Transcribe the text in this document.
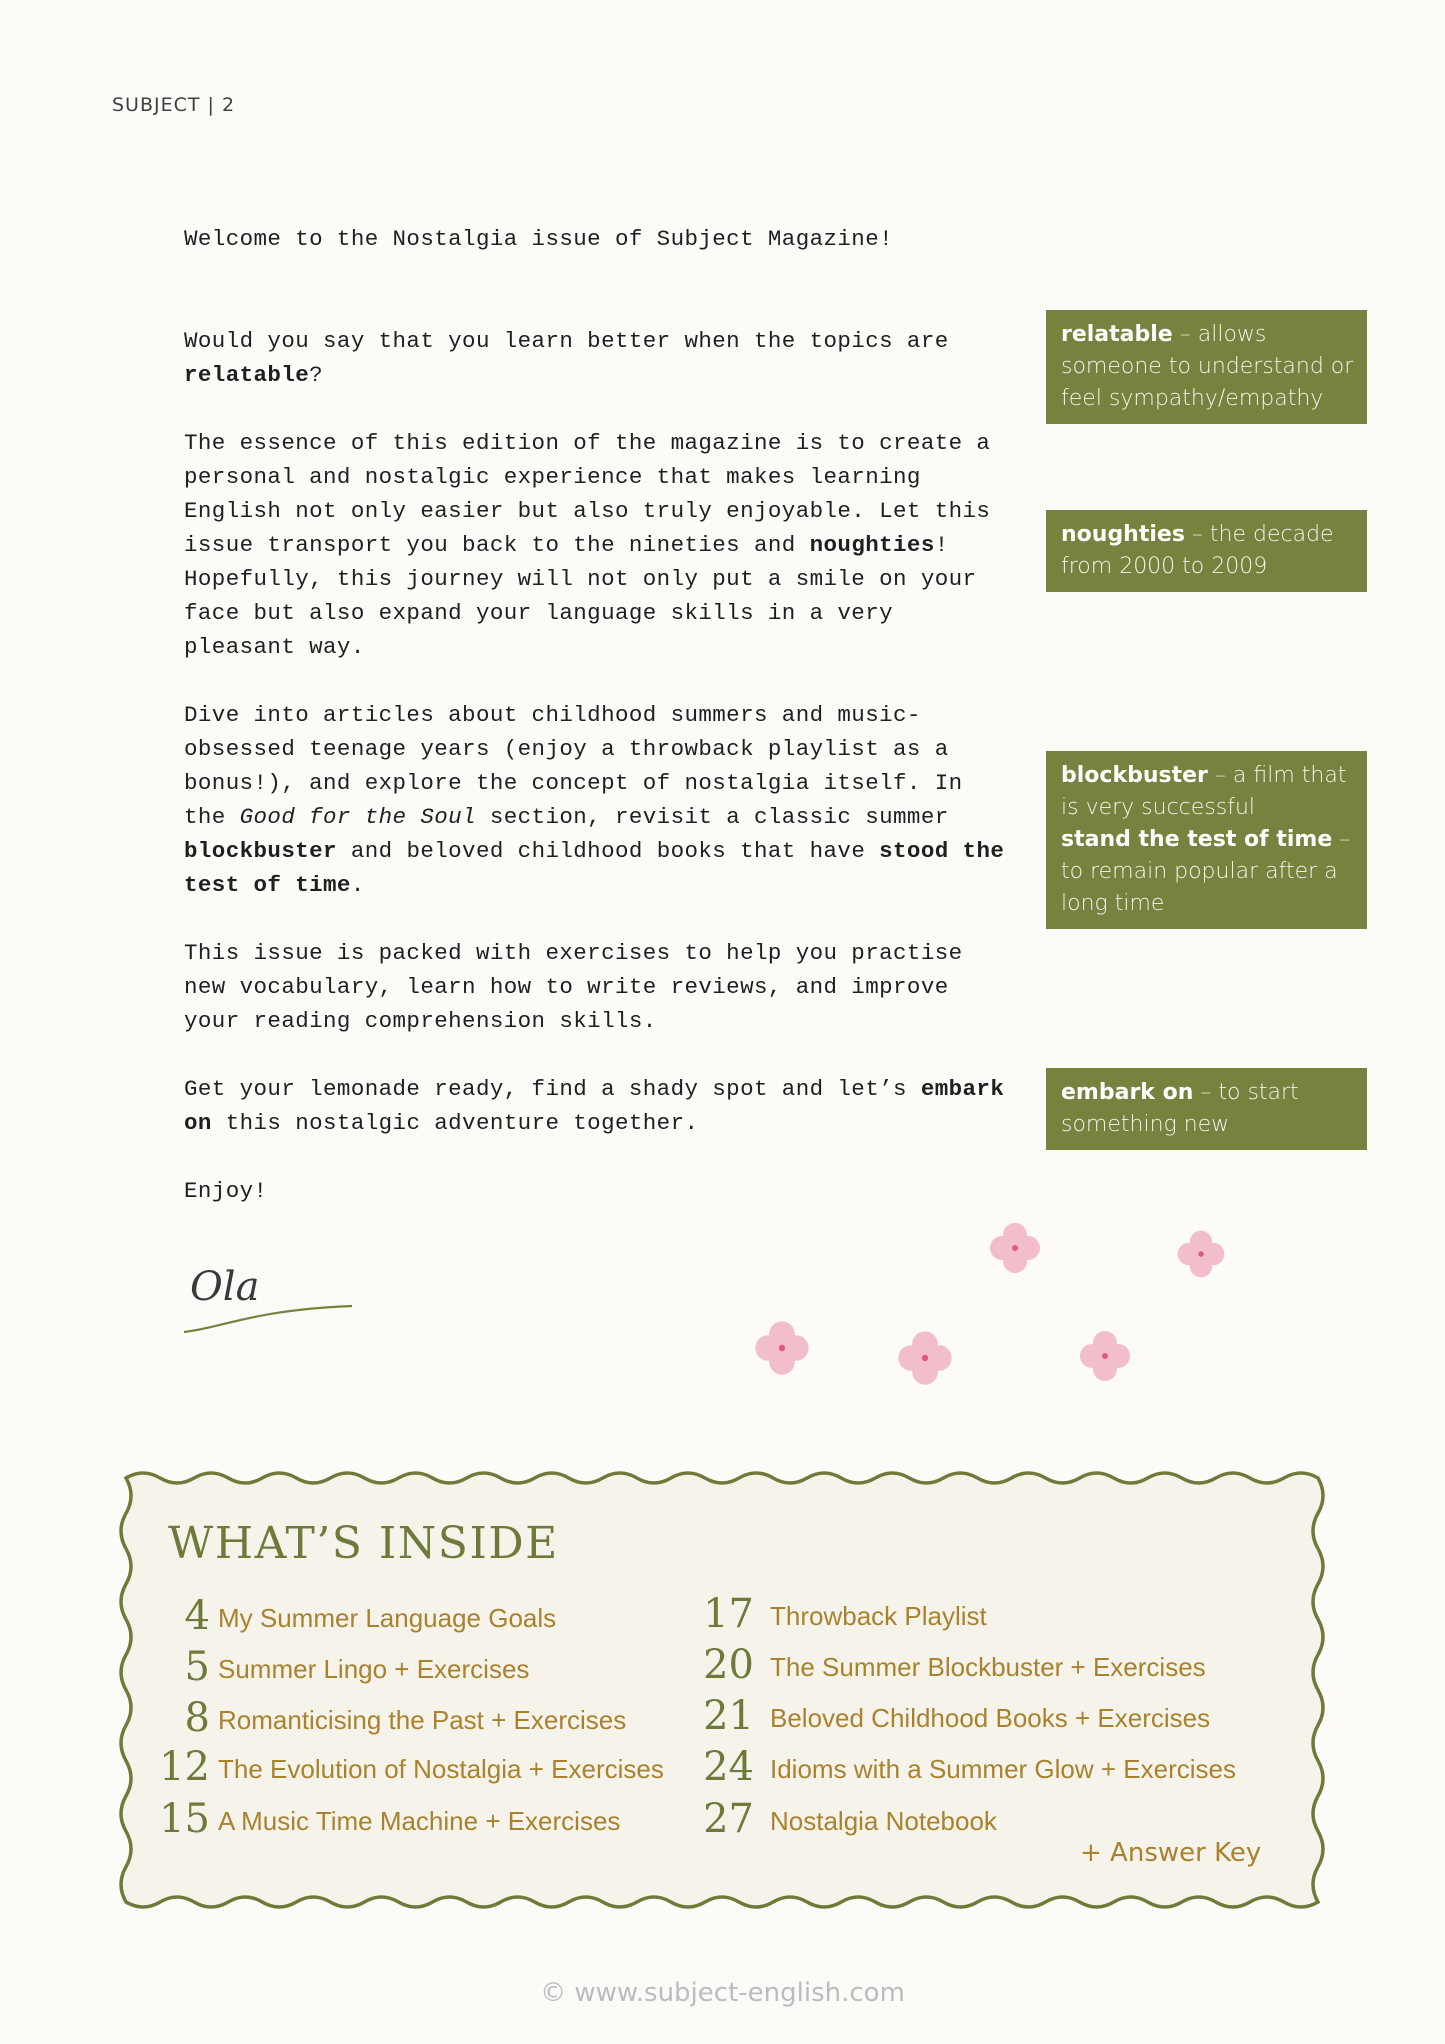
SUBJECT | 2

Welcome to the Nostalgia issue of Subject Magazine!

Would you say that you learn better when the topics are relatable?

The essence of this edition of the magazine is to create a personal and nostalgic experience that makes learning English not only easier but also truly enjoyable. Let this issue transport you back to the nineties and noughties! Hopefully, this journey will not only put a smile on your face but also expand your language skills in a very pleasant way.

Dive into articles about childhood summers and music-obsessed teenage years (enjoy a throwback playlist as a bonus!), and explore the concept of nostalgia itself. In the Good for the Soul section, revisit a classic summer blockbuster and beloved childhood books that have stood the test of time.

This issue is packed with exercises to help you practise new vocabulary, learn how to write reviews, and improve your reading comprehension skills.

Get your lemonade ready, find a shady spot and let’s embark on this nostalgic adventure together.

Enjoy!

relatable – allows someone to understand or feel sympathy/empathy
noughties – the decade from 2000 to 2009
blockbuster – a film that is very successful
stand the test of time – to remain popular after a long time
embark on – to start something new
Ola
WHAT’S INSIDE
4 My Summer Language Goals
5 Summer Lingo + Exercises
8 Romanticising the Past + Exercises
12 The Evolution of Nostalgia + Exercises
15 A Music Time Machine + Exercises
17 Throwback Playlist
20 The Summer Blockbuster + Exercises
21 Beloved Childhood Books + Exercises
24 Idioms with a Summer Glow + Exercises
27 Nostalgia Notebook
+ Answer Key
© www.subject-english.com
